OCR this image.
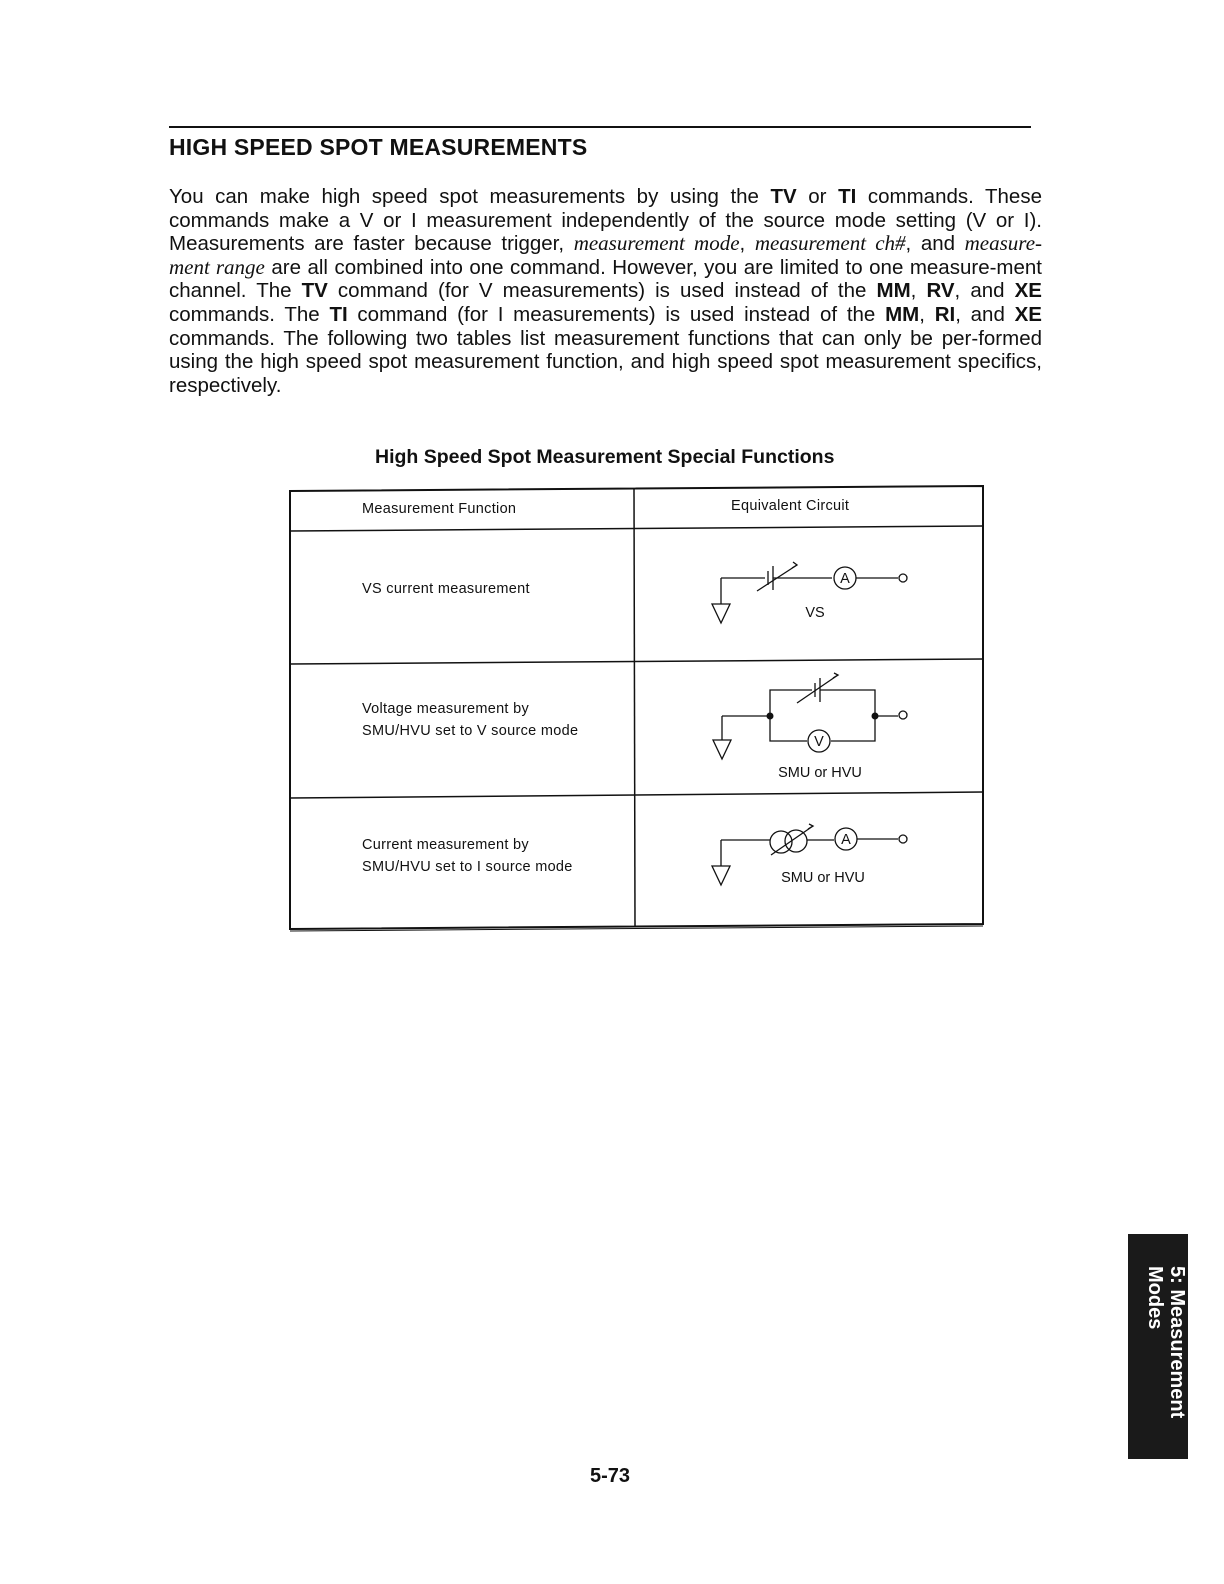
HIGH SPEED SPOT MEASUREMENTS
You can make high speed spot measurements by using the TV or TI commands. These commands make a V or I measurement independently of the source mode setting (V or I). Measurements are faster because trigger, measurement mode, measurement ch#, and measure-ment range are all combined into one command. However, you are limited to one measure-ment channel. The TV command (for V measurements) is used instead of the MM, RV, and XE commands. The TI command (for I measurements) is used instead of the MM, RI, and XE commands. The following two tables list measurement functions that can only be per-formed using the high speed spot measurement function, and high speed spot measurement specifics, respectively.
High Speed Spot Measurement Special Functions
A
VS
V
SMU or HVU
A
SMU or HVU
Measurement Function	Equivalent Circuit
VS current measurement
Voltage measurement by
SMU/HVU set to V source mode
Current measurement by
SMU/HVU set to I source mode
5-73
5: Measurement
Modes
